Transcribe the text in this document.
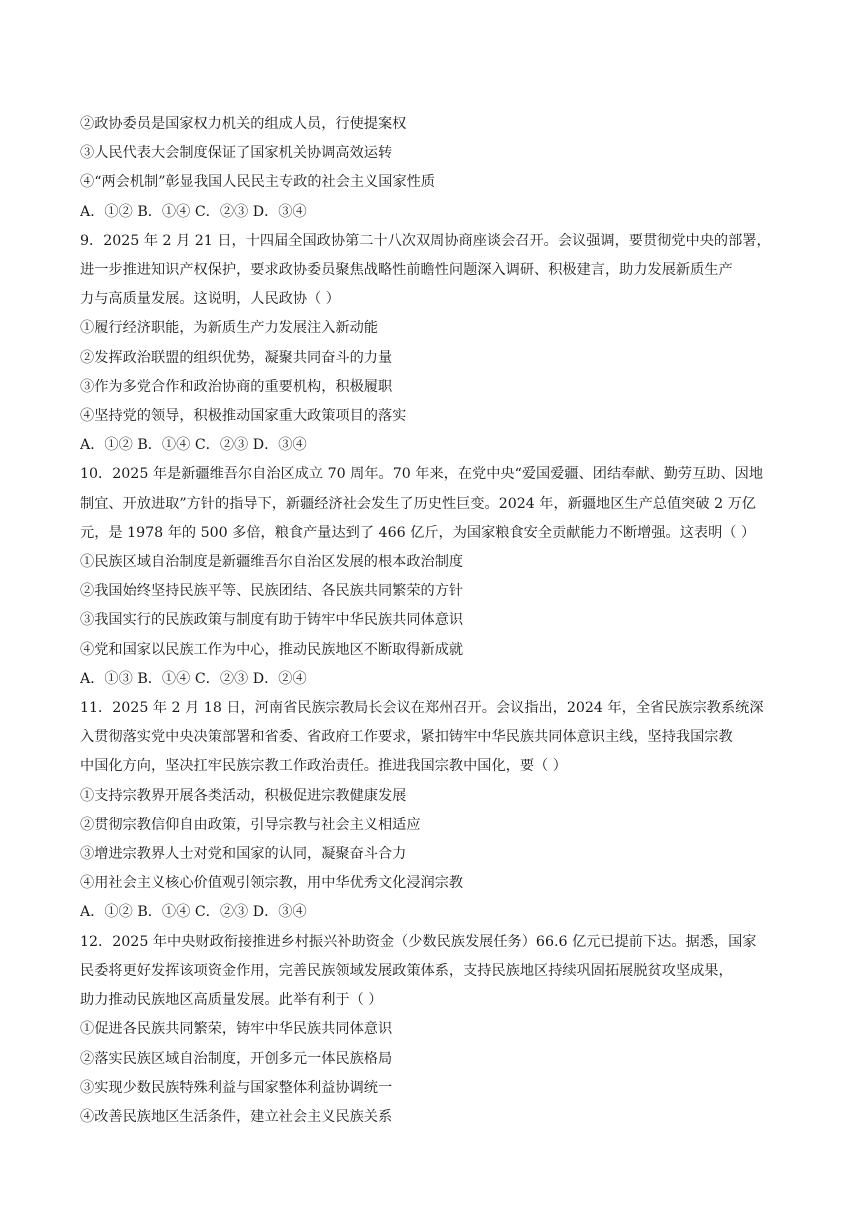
②政协委员是国家权力机关的组成人员，行使提案权
③人民代表大会制度保证了国家机关协调高效运转
④“两会机制”彰显我国人民民主专政的社会主义国家性质
A．①② B．①④ C．②③ D．③④
9．2025 年 2 月 21 日，十四届全国政协第二十八次双周协商座谈会召开。会议强调，要贯彻党中央的部署，
进一步推进知识产权保护，要求政协委员聚焦战略性前瞻性问题深入调研、积极建言，助力发展新质生产
力与高质量发展。这说明，人民政协（ ）
①履行经济职能，为新质生产力发展注入新动能
②发挥政治联盟的组织优势，凝聚共同奋斗的力量
③作为多党合作和政治协商的重要机构，积极履职
④坚持党的领导，积极推动国家重大政策项目的落实
A．①② B．①④ C．②③ D．③④
10．2025 年是新疆维吾尔自治区成立 70 周年。70 年来，在党中央“爱国爱疆、团结奉献、勤劳互助、因地
制宜、开放进取”方针的指导下，新疆经济社会发生了历史性巨变。2024 年，新疆地区生产总值突破 2 万亿
元，是 1978 年的 500 多倍，粮食产量达到了 466 亿斤，为国家粮食安全贡献能力不断增强。这表明（ ）
①民族区域自治制度是新疆维吾尔自治区发展的根本政治制度
②我国始终坚持民族平等、民族团结、各民族共同繁荣的方针
③我国实行的民族政策与制度有助于铸牢中华民族共同体意识
④党和国家以民族工作为中心，推动民族地区不断取得新成就
A．①③ B．①④ C．②③ D．②④
11．2025 年 2 月 18 日，河南省民族宗教局长会议在郑州召开。会议指出，2024 年，全省民族宗教系统深
入贯彻落实党中央决策部署和省委、省政府工作要求，紧扣铸牢中华民族共同体意识主线，坚持我国宗教
中国化方向，坚决扛牢民族宗教工作政治责任。推进我国宗教中国化，要（ ）
①支持宗教界开展各类活动，积极促进宗教健康发展
②贯彻宗教信仰自由政策，引导宗教与社会主义相适应
③增进宗教界人士对党和国家的认同，凝聚奋斗合力
④用社会主义核心价值观引领宗教，用中华优秀文化浸润宗教
A．①② B．①④ C．②③ D．③④
12．2025 年中央财政衔接推进乡村振兴补助资金（少数民族发展任务）66.6 亿元已提前下达。据悉，国家
民委将更好发挥该项资金作用，完善民族领域发展政策体系，支持民族地区持续巩固拓展脱贫攻坚成果，
助力推动民族地区高质量发展。此举有利于（ ）
①促进各民族共同繁荣，铸牢中华民族共同体意识
②落实民族区域自治制度，开创多元一体民族格局
③实现少数民族特殊利益与国家整体利益协调统一
④改善民族地区生活条件，建立社会主义民族关系
